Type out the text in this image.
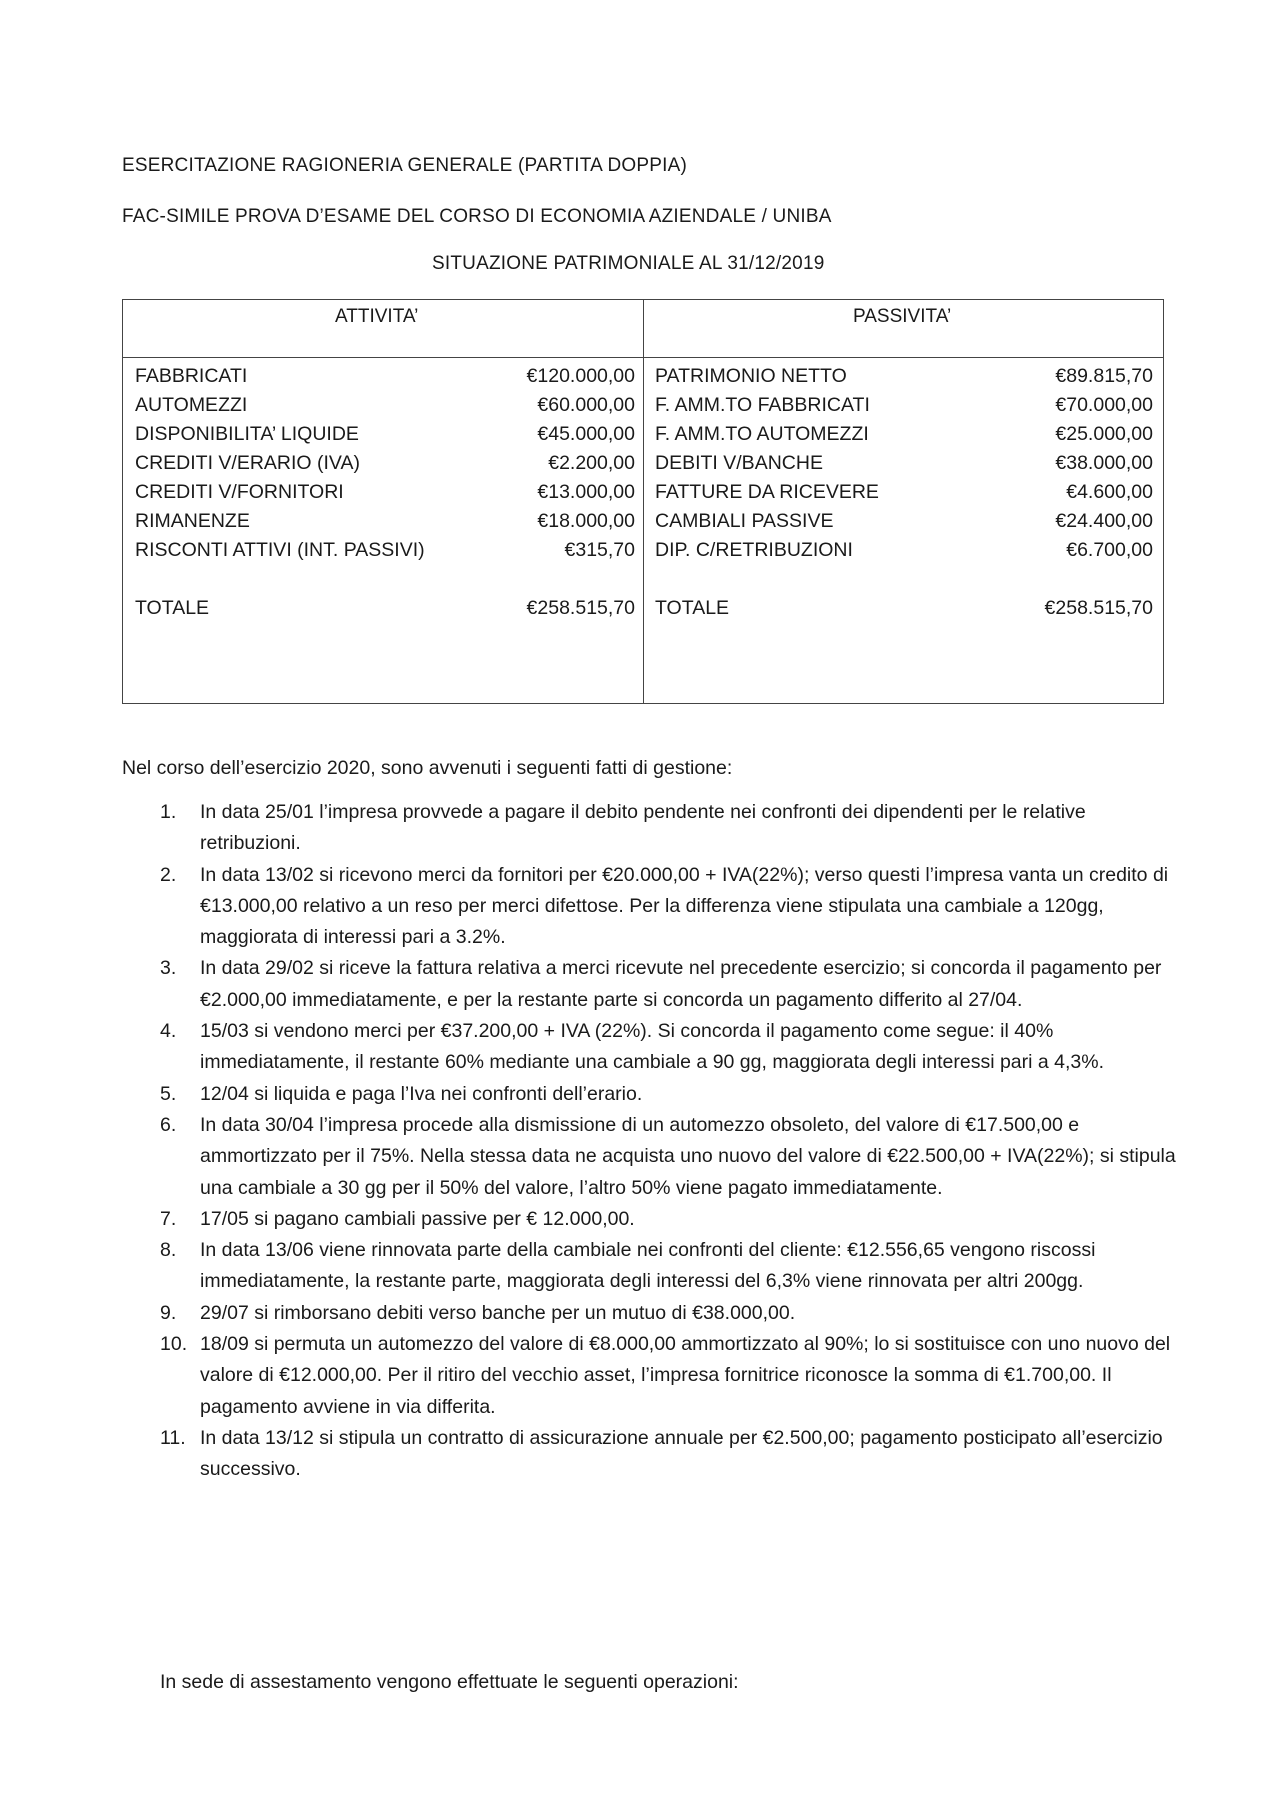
ESERCITAZIONE RAGIONERIA GENERALE (PARTITA DOPPIA)
FAC-SIMILE PROVA D’ESAME DEL CORSO DI ECONOMIA AZIENDALE / UNIBA
SITUAZIONE PATRIMONIALE AL 31/12/2019
ATTIVITA’	PASSIVITA’
FABBRICATI	€120.000,00
AUTOMEZZI	€60.000,00
DISPONIBILITA’ LIQUIDE	€45.000,00
CREDITI V/ERARIO (IVA)	€2.200,00
CREDITI V/FORNITORI	€13.000,00
RIMANENZE	€18.000,00
RISCONTI ATTIVI (INT. PASSIVI)	€315,70
TOTALE	€258.515,70
PATRIMONIO NETTO	€89.815,70
F. AMM.TO FABBRICATI	€70.000,00
F. AMM.TO AUTOMEZZI	€25.000,00
DEBITI V/BANCHE	€38.000,00
FATTURE DA RICEVERE	€4.600,00
CAMBIALI PASSIVE	€24.400,00
DIP. C/RETRIBUZIONI	€6.700,00
TOTALE	€258.515,70
Nel corso dell’esercizio 2020, sono avvenuti i seguenti fatti di gestione:
1.	In data 25/01 l’impresa provvede a pagare il debito pendente nei confronti dei dipendenti per le relative retribuzioni.
2.	In data 13/02 si ricevono merci da fornitori per €20.000,00 + IVA(22%); verso questi l’impresa vanta un credito di €13.000,00 relativo a un reso per merci difettose. Per la differenza viene stipulata una cambiale a 120gg, maggiorata di interessi pari a 3.2%.
3.	In data 29/02 si riceve la fattura relativa a merci ricevute nel precedente esercizio; si concorda il pagamento per €2.000,00 immediatamente, e per la restante parte si concorda un pagamento differito al 27/04.
4.	15/03 si vendono merci per €37.200,00 + IVA (22%). Si concorda il pagamento come segue: il 40% immediatamente, il restante 60% mediante una cambiale a 90 gg, maggiorata degli interessi pari a 4,3%.
5.	12/04 si liquida e paga l’Iva nei confronti dell’erario.
6.	In data 30/04 l’impresa procede alla dismissione di un automezzo obsoleto, del valore di €17.500,00 e ammortizzato per il 75%. Nella stessa data ne acquista uno nuovo del valore di €22.500,00 + IVA(22%); si stipula una cambiale a 30 gg per il 50% del valore, l’altro 50% viene pagato immediatamente.
7.	17/05 si pagano cambiali passive per € 12.000,00.
8.	In data 13/06 viene rinnovata parte della cambiale nei confronti del cliente: €12.556,65 vengono riscossi immediatamente, la restante parte, maggiorata degli interessi del 6,3% viene rinnovata per altri 200gg.
9.	29/07 si rimborsano debiti verso banche per un mutuo di €38.000,00.
10. 18/09 si permuta un automezzo del valore di €8.000,00 ammortizzato al 90%; lo si sostituisce con uno nuovo del valore di €12.000,00. Per il ritiro del vecchio asset, l’impresa fornitrice riconosce la somma di €1.700,00. Il pagamento avviene in via differita.
11. In data 13/12 si stipula un contratto di assicurazione annuale per €2.500,00; pagamento posticipato all’esercizio successivo.
In sede di assestamento vengono effettuate le seguenti operazioni:
